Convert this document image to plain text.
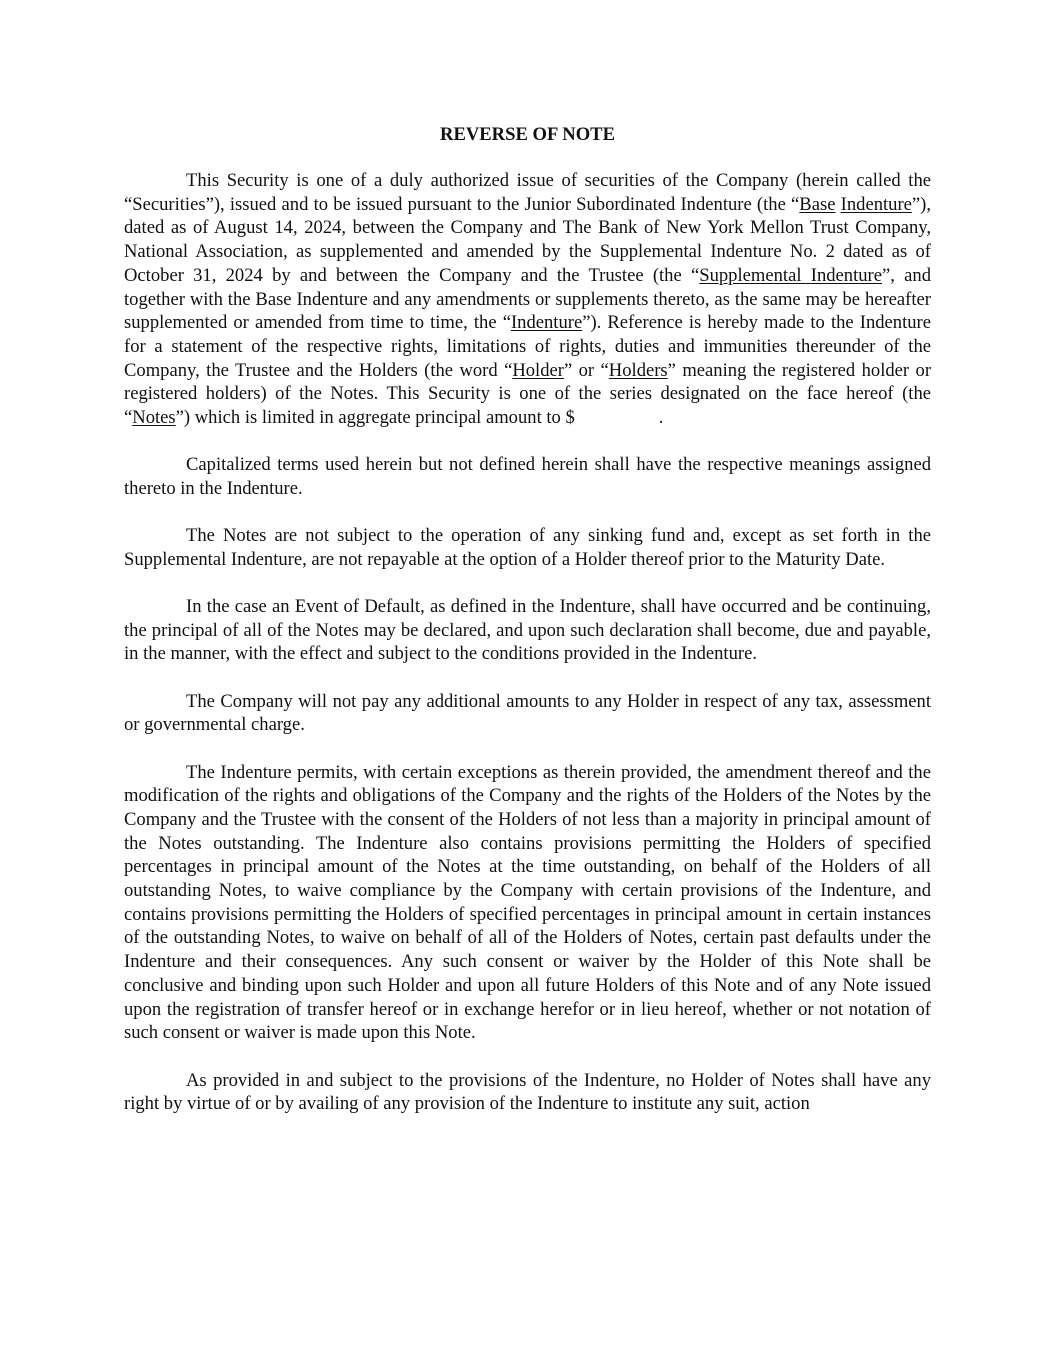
REVERSE OF NOTE

This Security is one of a duly authorized issue of securities of the Company (herein called the “Securities”), issued and to be issued pursuant to the Junior Subordinated Indenture (the “Base Indenture”), dated as of August 14, 2024, between the Company and The Bank of New York Mellon Trust Company, National Association, as supplemented and amended by the Supplemental Indenture No. 2 dated as of October 31, 2024 by and between the Company and the Trustee (the “Supplemental Indenture”, and together with the Base Indenture and any amendments or supplements thereto, as the same may be hereafter supplemented or amended from time to time, the “Indenture”). Reference is hereby made to the Indenture for a statement of the respective rights, limitations of rights, duties and immunities thereunder of the Company, the Trustee and the Holders (the word “Holder” or “Holders” meaning the registered holder or registered holders) of the Notes. This Security is one of the series designated on the face hereof (the “Notes”) which is limited in aggregate principal amount to $	.

Capitalized terms used herein but not defined herein shall have the respective meanings assigned thereto in the Indenture.

The Notes are not subject to the operation of any sinking fund and, except as set forth in the Supplemental Indenture, are not repayable at the option of a Holder thereof prior to the Maturity Date.

In the case an Event of Default, as defined in the Indenture, shall have occurred and be continuing, the principal of all of the Notes may be declared, and upon such declaration shall become, due and payable, in the manner, with the effect and subject to the conditions provided in the Indenture.

The Company will not pay any additional amounts to any Holder in respect of any tax, assessment or governmental charge.

The Indenture permits, with certain exceptions as therein provided, the amendment thereof and the modification of the rights and obligations of the Company and the rights of the Holders of the Notes by the Company and the Trustee with the consent of the Holders of not less than a majority in principal amount of the Notes outstanding. The Indenture also contains provisions permitting the Holders of specified percentages in principal amount of the Notes at the time outstanding, on behalf of the Holders of all outstanding Notes, to waive compliance by the Company with certain provisions of the Indenture, and contains provisions permitting the Holders of specified percentages in principal amount in certain instances of the outstanding Notes, to waive on behalf of all of the Holders of Notes, certain past defaults under the Indenture and their consequences. Any such consent or waiver by the Holder of this Note shall be conclusive and binding upon such Holder and upon all future Holders of this Note and of any Note issued upon the registration of transfer hereof or in exchange herefor or in lieu hereof, whether or not notation of such consent or waiver is made upon this Note.

As provided in and subject to the provisions of the Indenture, no Holder of Notes shall have any right by virtue of or by availing of any provision of the Indenture to institute any suit, action
